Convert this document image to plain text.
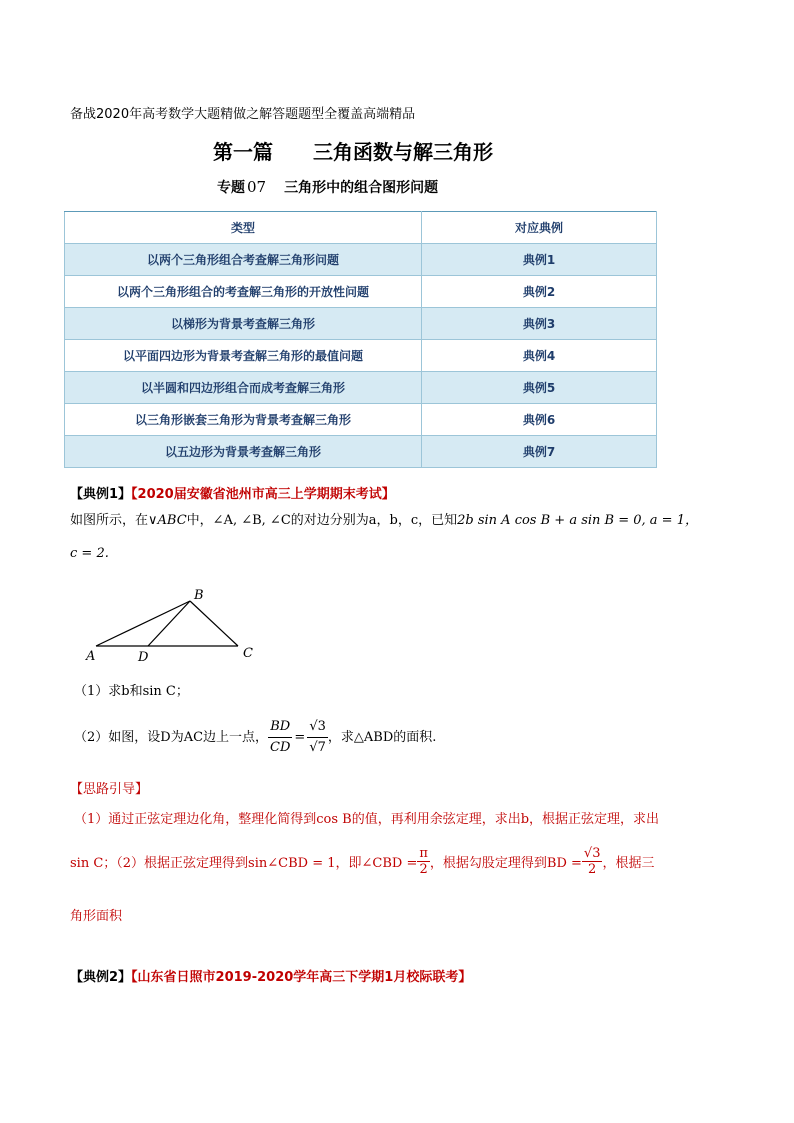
备战2020年高考数学大题精做之解答题题型全覆盖高端精品
第一篇　　三角函数与解三角形
专题 07 三角形中的组合图形问题
类型	对应典例
以两个三角形组合考查解三角形问题	典例1
以两个三角形组合的考查解三角形的开放性问题	典例2
以梯形为背景考查解三角形	典例3
以平面四边形为背景考查解三角形的最值问题	典例4
以半圆和四边形组合而成考查解三角形	典例5
以三角形嵌套三角形为背景考查解三角形	典例6
以五边形为背景考查解三角形	典例7
【典例1】【2020届安徽省池州市高三上学期期末考试】
如图所示，在∨ABC中，∠A, ∠B, ∠C的对边分别为a，b，c，已知2b sin A cos B + a sin B = 0, a = 1，
c = 2.
A
B
C
D
（1）求b和sin C；
（2）如图，设D为AC边上一点， $\frac{BD}{CD} = \frac{√3}{√7}$ ，求△ABD的面积.
【思路引导】
（1）通过正弦定理边化角，整理化简得到cos B的值，再利用余弦定理，求出b，根据正弦定理，求出
sin C；（2）根据正弦定理得到sin∠CBD = 1，即∠CBD = $\frac{\pi}{2}$ ，根据勾股定理得到BD = $\frac{√3}{2}$ ，根据三
角形面积
【典例2】【山东省日照市2019-2020学年高三下学期1月校际联考】
